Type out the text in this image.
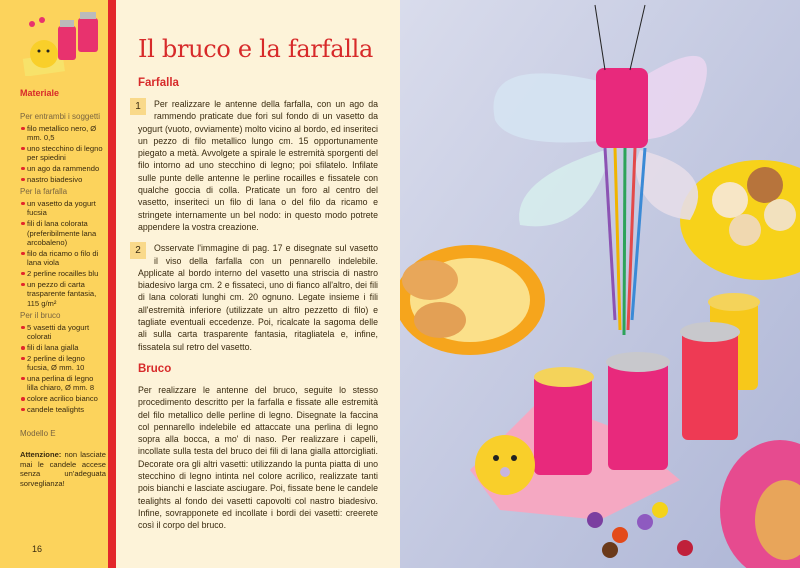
Materiale
Per entrambi i soggetti
filo metallico nero, Ø mm. 0,5
uno stecchino di legno per spiedini
un ago da rammendo
nastro biadesivo
Per la farfalla
un vasetto da yogurt fucsia
fili di lana colorata (preferibilmente lana arcobaleno)
filo da ricamo o filo di lana viola
2 perline rocailles blu
un pezzo di carta trasparente fantasia, 115 g/m²
Per il bruco
5 vasetti da yogurt colorati
fili di lana gialla
2 perline di legno fucsia, Ø mm. 10
una perlina di legno lilla chiaro, Ø mm. 8
colore acrilico bianco
candele tealights
Modello E
Attenzione: non lasciate mai le candele accese senza un'adeguata sorveglianza!
16
Il bruco e la farfalla
Farfalla
1	Per realizzare le antenne della farfalla, con un ago da rammendo praticate due fori sul fondo di un vasetto da yogurt (vuoto, ovviamente) molto vicino al bordo, ed inseriteci un pezzo di filo metallico lungo cm. 15 opportunamente piegato a metà. Avvolgete a spirale le estremità sporgenti del filo intorno ad uno stecchino di legno; poi sfilatelo. Infilate sulle punte delle antenne le perline rocailles e fissatele con qualche goccia di colla. Praticate un foro al centro del vasetto, inseriteci un filo di lana o del filo da ricamo e stringete internamente un bel nodo: in questo modo potrete appendere la vostra creazione.
2	Osservate l'immagine di pag. 17 e disegnate sul vasetto il viso della farfalla con un pennarello indelebile. Applicate al bordo interno del vasetto una striscia di nastro biadesivo larga cm. 2 e fissateci, uno di fianco all'altro, dei fili di lana colorati lunghi cm. 20 ognuno. Legate insieme i fili all'estremità inferiore (utilizzate un altro pezzetto di filo) e tagliate eventuali eccedenze. Poi, ricalcate la sagoma delle ali sulla carta trasparente fantasia, ritagliatela e, infine, fissatela sul retro del vasetto.
Bruco
Per realizzare le antenne del bruco, seguite lo stesso procedimento descritto per la farfalla e fissate alle estremità del filo metallico delle perline di legno. Disegnate la faccina col pennarello indelebile ed attaccate una perlina di legno sopra alla bocca, a mo' di naso. Per realizzare i capelli, incollate sulla testa del bruco dei fili di lana gialla attorcigliati. Decorate ora gli altri vasetti: utilizzando la punta piatta di uno stecchino di legno intinta nel colore acrilico, realizzate tanti pois bianchi e lasciate asciugare. Poi, fissate bene le candele tealights al fondo dei vasetti capovolti col nastro biadesivo. Infine, sovrapponete ed incollate i bordi dei vasetti: creerete così il corpo del bruco.
